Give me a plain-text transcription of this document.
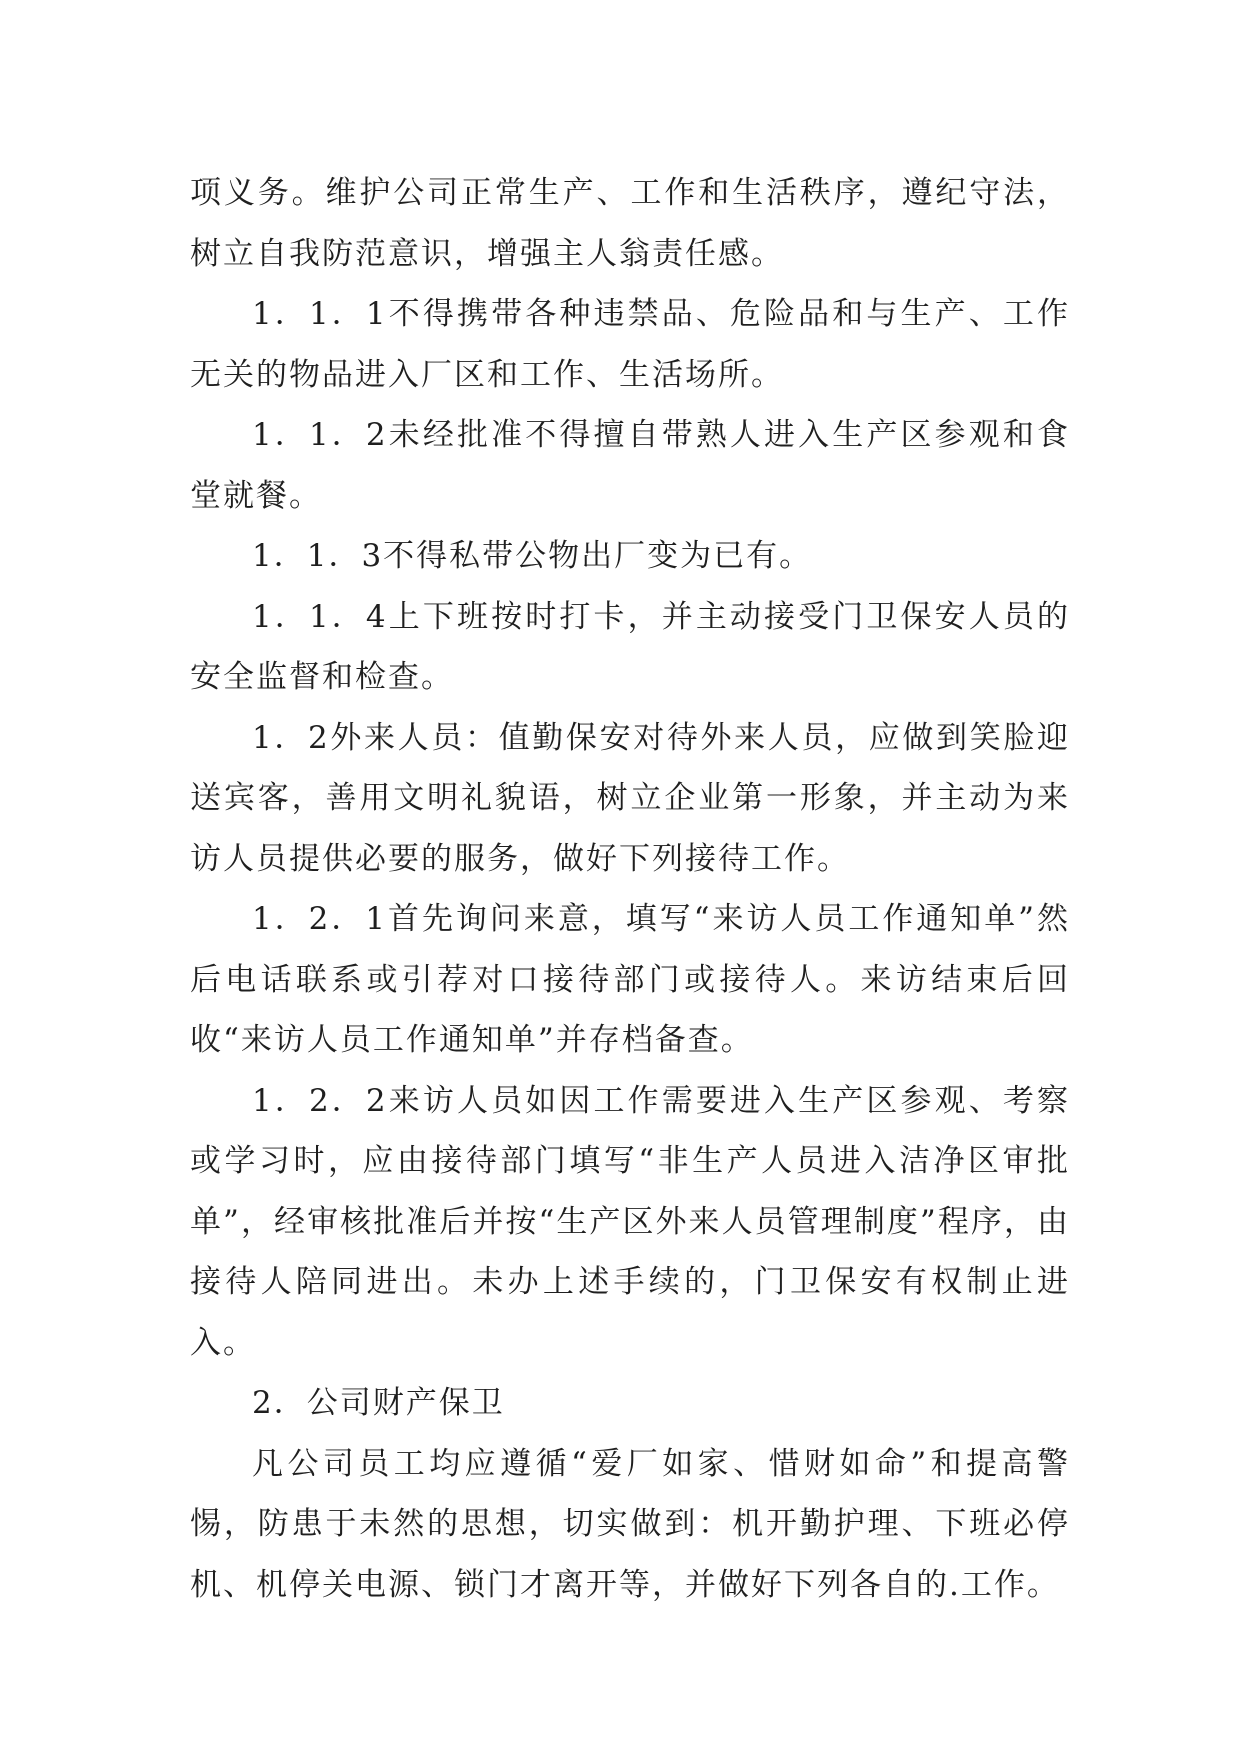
项义务。维护公司正常生产、工作和生活秩序，遵纪守法，树立自我防范意识，增强主人翁责任感。

1．1．1不得携带各种违禁品、危险品和与生产、工作无关的物品进入厂区和工作、生活场所。

1．1．2未经批准不得擅自带熟人进入生产区参观和食堂就餐。

1．1．3不得私带公物出厂变为已有。

1．1．4上下班按时打卡，并主动接受门卫保安人员的安全监督和检查。

1．2外来人员：值勤保安对待外来人员，应做到笑脸迎送宾客，善用文明礼貌语，树立企业第一形象，并主动为来访人员提供必要的服务，做好下列接待工作。

1．2．1首先询问来意，填写“来访人员工作通知单”然后电话联系或引荐对口接待部门或接待人。来访结束后回收“来访人员工作通知单”并存档备查。

1．2．2来访人员如因工作需要进入生产区参观、考察或学习时，应由接待部门填写“非生产人员进入洁净区审批单”，经审核批准后并按“生产区外来人员管理制度”程序，由接待人陪同进出。未办上述手续的，门卫保安有权制止进入。

2．公司财产保卫

凡公司员工均应遵循“爱厂如家、惜财如命”和提高警惕，防患于未然的思想，切实做到：机开勤护理、下班必停机、机停关电源、锁门才离开等，并做好下列各自的.工作。
